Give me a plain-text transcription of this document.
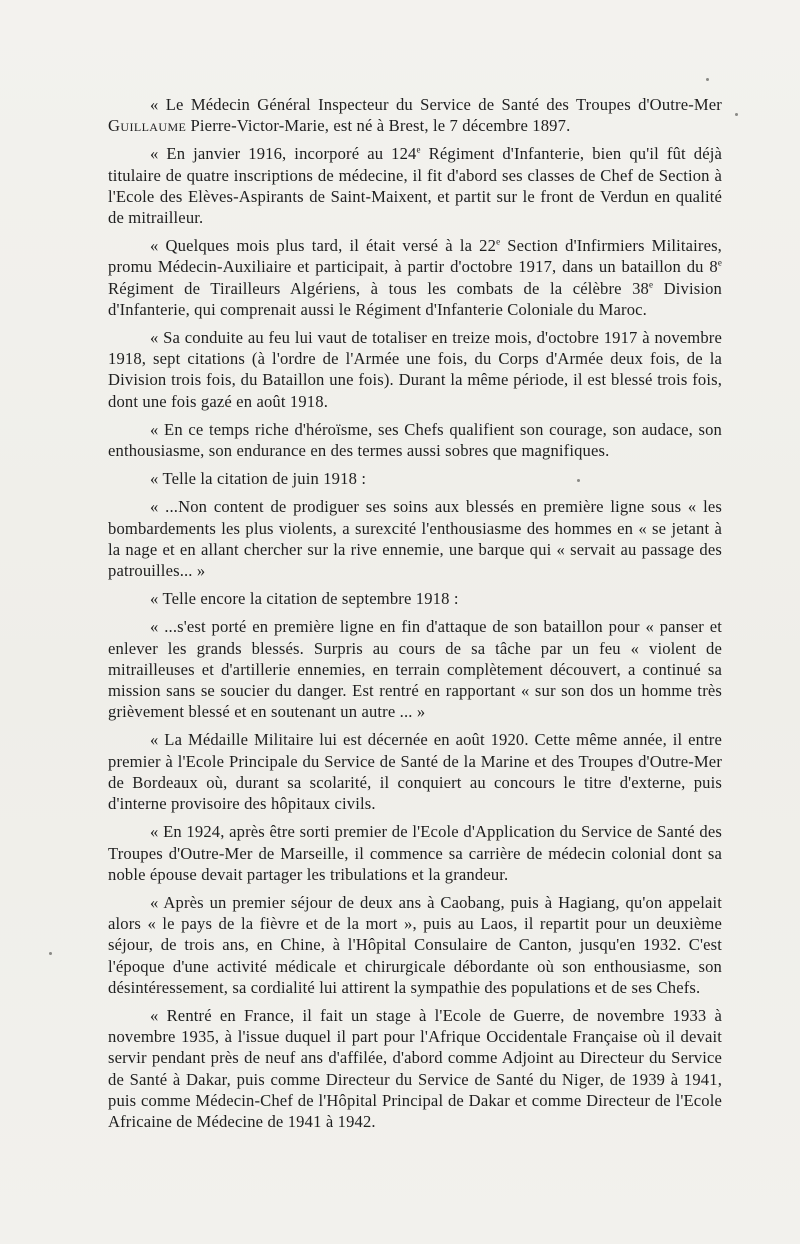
« Le Médecin Général Inspecteur du Service de Santé des Troupes d'Outre-Mer Guillaume Pierre-Victor-Marie, est né à Brest, le 7 décembre 1897.

« En janvier 1916, incorporé au 124e Régiment d'Infanterie, bien qu'il fût déjà titulaire de quatre inscriptions de médecine, il fit d'abord ses classes de Chef de Section à l'Ecole des Elèves-Aspirants de Saint-Maixent, et partit sur le front de Verdun en qualité de mitrailleur.

« Quelques mois plus tard, il était versé à la 22e Section d'Infirmiers Militaires, promu Médecin-Auxiliaire et participait, à partir d'octobre 1917, dans un bataillon du 8e Régiment de Tirailleurs Algériens, à tous les combats de la célèbre 38e Division d'Infanterie, qui comprenait aussi le Régiment d'Infanterie Coloniale du Maroc.

« Sa conduite au feu lui vaut de totaliser en treize mois, d'octobre 1917 à novembre 1918, sept citations (à l'ordre de l'Armée une fois, du Corps d'Armée deux fois, de la Division trois fois, du Bataillon une fois). Durant la même période, il est blessé trois fois, dont une fois gazé en août 1918.

« En ce temps riche d'héroïsme, ses Chefs qualifient son courage, son audace, son enthousiasme, son endurance en des termes aussi sobres que magnifiques.

« Telle la citation de juin 1918 :

« ...Non content de prodiguer ses soins aux blessés en première ligne sous « les bombardements les plus violents, a surexcité l'enthousiasme des hommes en « se jetant à la nage et en allant chercher sur la rive ennemie, une barque qui « servait au passage des patrouilles... »

« Telle encore la citation de septembre 1918 :

« ...s'est porté en première ligne en fin d'attaque de son bataillon pour « panser et enlever les grands blessés. Surpris au cours de sa tâche par un feu « violent de mitrailleuses et d'artillerie ennemies, en terrain complètement découvert, a continué sa mission sans se soucier du danger. Est rentré en rapportant « sur son dos un homme très grièvement blessé et en soutenant un autre ... »

« La Médaille Militaire lui est décernée en août 1920. Cette même année, il entre premier à l'Ecole Principale du Service de Santé de la Marine et des Troupes d'Outre-Mer de Bordeaux où, durant sa scolarité, il conquiert au concours le titre d'externe, puis d'interne provisoire des hôpitaux civils.

« En 1924, après être sorti premier de l'Ecole d'Application du Service de Santé des Troupes d'Outre-Mer de Marseille, il commence sa carrière de médecin colonial dont sa noble épouse devait partager les tribulations et la grandeur.

« Après un premier séjour de deux ans à Caobang, puis à Hagiang, qu'on appelait alors « le pays de la fièvre et de la mort », puis au Laos, il repartit pour un deuxième séjour, de trois ans, en Chine, à l'Hôpital Consulaire de Canton, jusqu'en 1932. C'est l'époque d'une activité médicale et chirurgicale débordante où son enthousiasme, son désintéressement, sa cordialité lui attirent la sympathie des populations et de ses Chefs.

« Rentré en France, il fait un stage à l'Ecole de Guerre, de novembre 1933 à novembre 1935, à l'issue duquel il part pour l'Afrique Occidentale Française où il devait servir pendant près de neuf ans d'affilée, d'abord comme Adjoint au Directeur du Service de Santé à Dakar, puis comme Directeur du Service de Santé du Niger, de 1939 à 1941, puis comme Médecin-Chef de l'Hôpital Principal de Dakar et comme Directeur de l'Ecole Africaine de Médecine de 1941 à 1942.
